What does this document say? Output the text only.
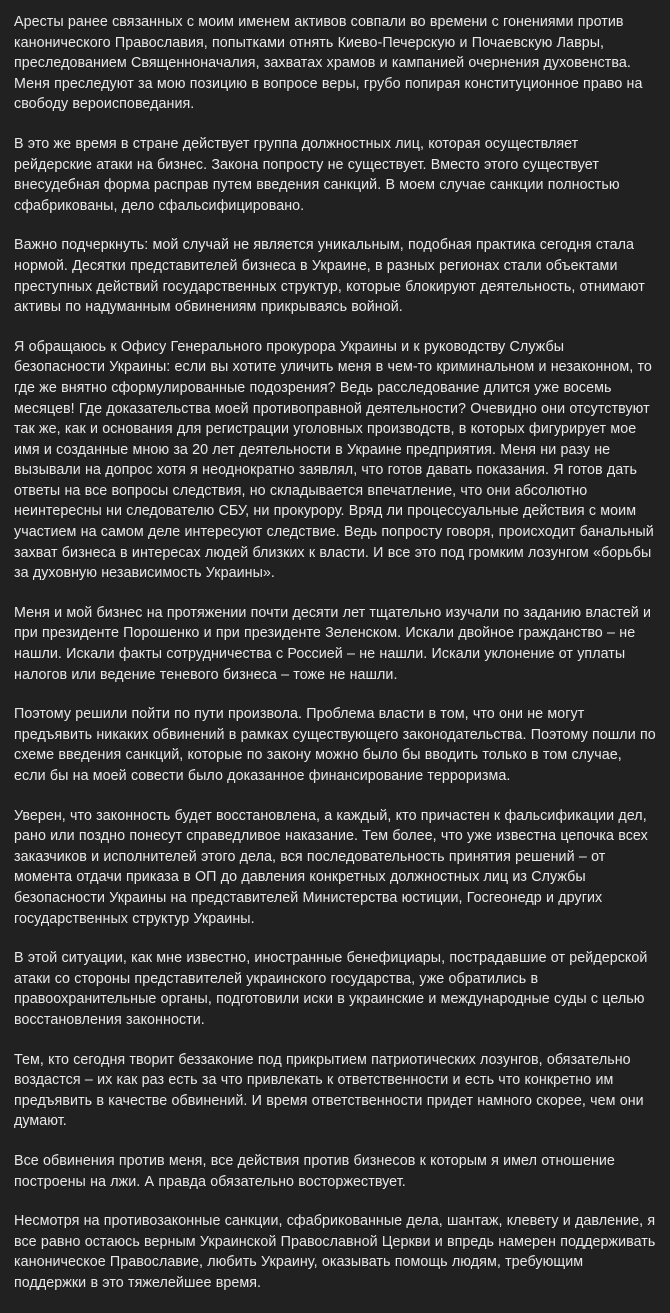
Аресты ранее связанных с моим именем активов совпали во времени с гонениями против канонического Православия, попытками отнять Киево-Печерскую и Почаевскую Лавры, преследованием Священноначалия, захватах храмов и кампанией очернения духовенства. Меня преследуют за мою позицию в вопросе веры, грубо попирая конституционное право на свободу вероисповедания.

В это же время в стране действует группа должностных лиц, которая осуществляет рейдерские атаки на бизнес. Закона попросту не существует. Вместо этого существует внесудебная форма расправ путем введения санкций. В моем случае санкции полностью сфабрикованы, дело сфальсифицировано.

Важно подчеркнуть: мой случай не является уникальным, подобная практика сегодня стала нормой. Десятки представителей бизнеса в Украине, в разных регионах стали объектами преступных действий государственных структур, которые блокируют деятельность, отнимают активы по надуманным обвинениям прикрываясь войной.

Я обращаюсь к Офису Генерального прокурора Украины и к руководству Службы безопасности Украины: если вы хотите уличить меня в чем-то криминальном и незаконном, то где же внятно сформулированные подозрения? Ведь расследование длится уже восемь месяцев! Где доказательства моей противоправной деятельности? Очевидно они отсутствуют так же, как и основания для регистрации уголовных производств, в которых фигурирует мое имя и созданные мною за 20 лет деятельности в Украине предприятия. Меня ни разу не вызывали на допрос хотя я неоднократно заявлял, что готов давать показания. Я готов дать ответы на все вопросы следствия, но складывается впечатление, что они абсолютно неинтересны ни следователю СБУ, ни прокурору. Вряд ли процессуальные действия с моим участием на самом деле интересуют следствие. Ведь попросту говоря, происходит банальный захват бизнеса в интересах людей близких к власти. И все это под громким лозунгом «борьбы за духовную независимость Украины».

Меня и мой бизнес на протяжении почти десяти лет тщательно изучали по заданию властей и при президенте Порошенко и при президенте Зеленском. Искали двойное гражданство – не нашли. Искали факты сотрудничества с Россией – не нашли. Искали уклонение от уплаты налогов или ведение теневого бизнеса – тоже не нашли.

Поэтому решили пойти по пути произвола. Проблема власти в том, что они не могут предъявить никаких обвинений в рамках существующего законодательства. Поэтому пошли по схеме введения санкций, которые по закону можно было бы вводить только в том случае, если бы на моей совести было доказанное финансирование терроризма.

Уверен, что законность будет восстановлена, а каждый, кто причастен к фальсификации дел, рано или поздно понесут справедливое наказание. Тем более, что уже известна цепочка всех заказчиков и исполнителей этого дела, вся последовательность принятия решений – от момента отдачи приказа в ОП до давления конкретных должностных лиц из Службы безопасности Украины на представителей Министерства юстиции, Госгеонедр и других государственных структур Украины.

В этой ситуации, как мне известно, иностранные бенефициары, пострадавшие от рейдерской атаки со стороны представителей украинского государства, уже обратились в правоохранительные органы, подготовили иски в украинские и международные суды с целью восстановления законности.

Тем, кто сегодня творит беззаконие под прикрытием патриотических лозунгов, обязательно воздастся – их как раз есть за что привлекать к ответственности и есть что конкретно им предъявить в качестве обвинений. И время ответственности придет намного скорее, чем они думают.

Все обвинения против меня, все действия против бизнесов к которым я имел отношение построены на лжи. А правда обязательно восторжествует.

Несмотря на противозаконные санкции, сфабрикованные дела, шантаж, клевету и давление, я все равно остаюсь верным Украинской Православной Церкви и впредь намерен поддерживать каноническое Православие, любить Украину, оказывать помощь людям, требующим поддержки в это тяжелейшее время.
